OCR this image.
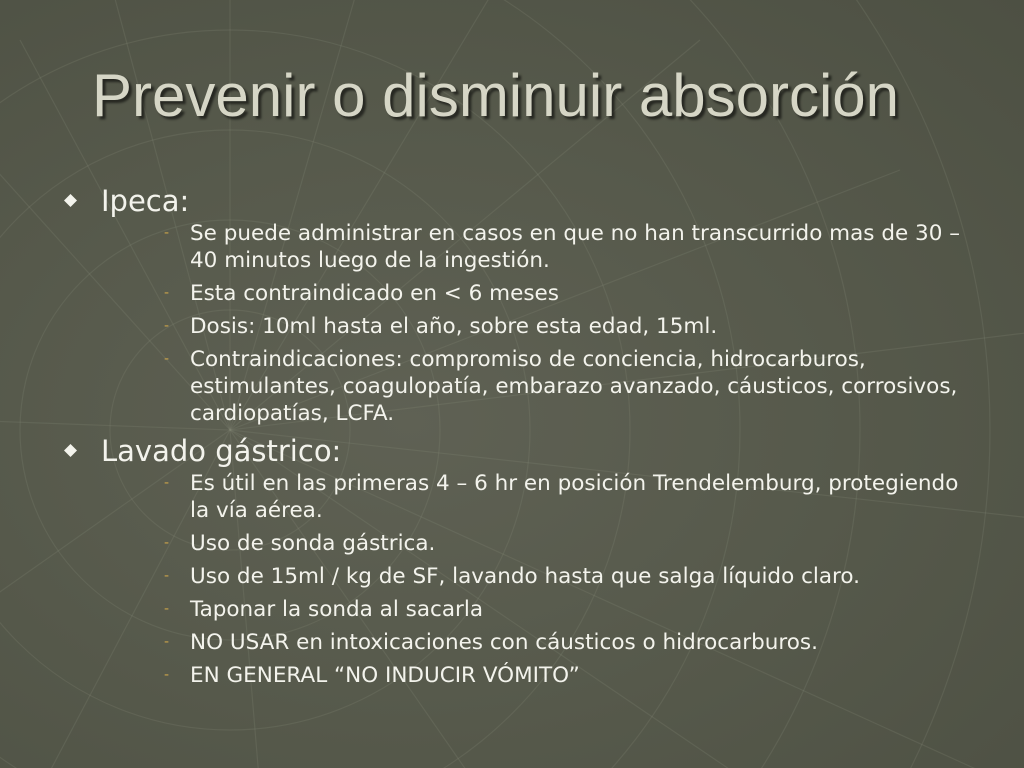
Prevenir o disminuir absorción
Ipeca:
- Se puede administrar en casos en que no han transcurrido mas de 30 – 40 minutos luego de la ingestión.
- Esta contraindicado en < 6 meses
- Dosis: 10ml hasta el año, sobre esta edad, 15ml.
- Contraindicaciones: compromiso de conciencia, hidrocarburos, estimulantes, coagulopatía, embarazo avanzado, cáusticos, corrosivos, cardiopatías, LCFA.
Lavado gástrico:
- Es útil en las primeras 4 – 6 hr en posición Trendelemburg, protegiendo la vía aérea.
- Uso de sonda gástrica.
- Uso de 15ml / kg de SF, lavando hasta que salga líquido claro.
- Taponar la sonda al sacarla
- NO USAR en intoxicaciones con cáusticos o hidrocarburos.
- EN GENERAL “NO INDUCIR VÓMITO”
